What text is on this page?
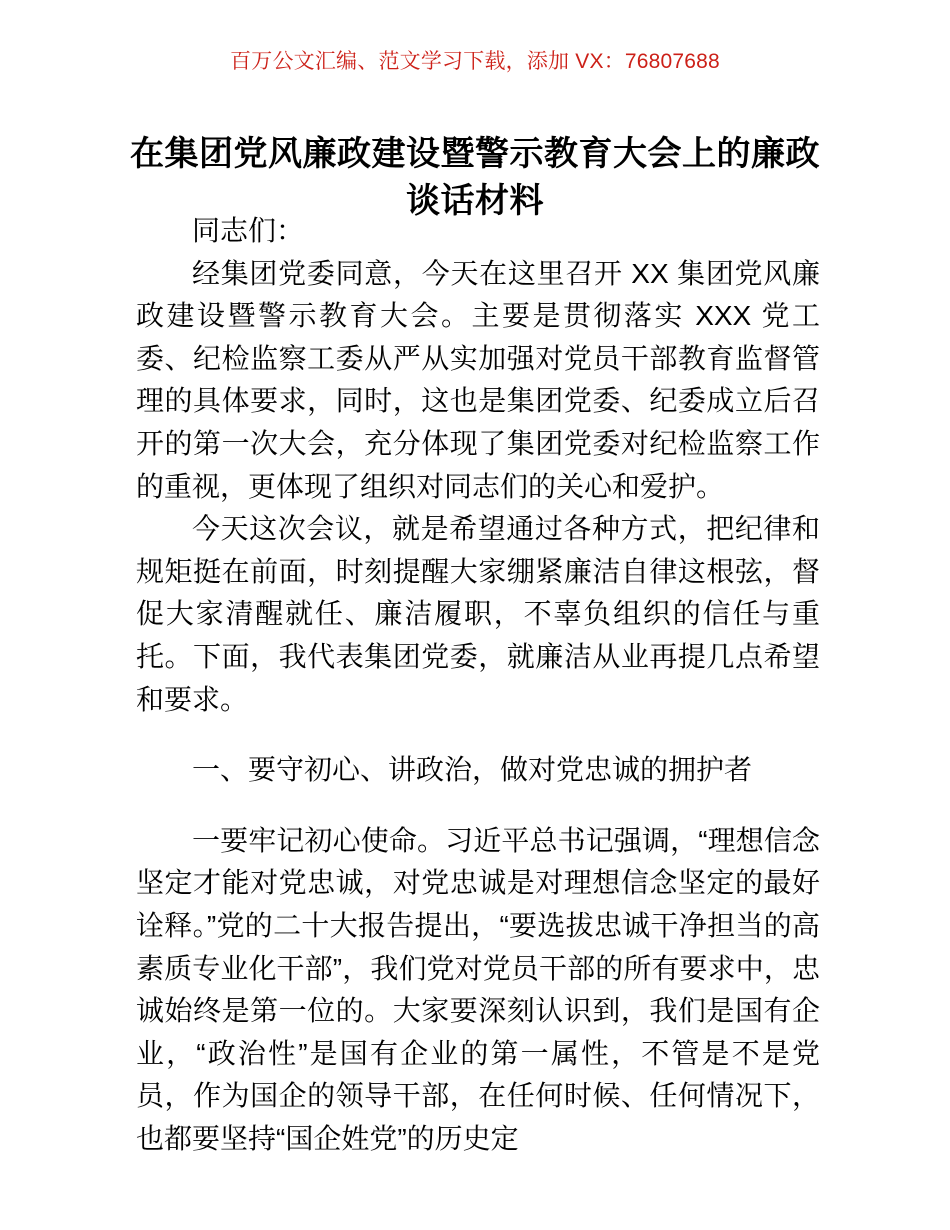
百万公文汇编、范文学习下载，添加 VX：76807688
在集团党风廉政建设暨警示教育大会上的廉政谈话材料

同志们：

经集团党委同意，今天在这里召开 XX 集团党风廉政建设暨警示教育大会。主要是贯彻落实 XXX 党工委、纪检监察工委从严从实加强对党员干部教育监督管理的具体要求，同时，这也是集团党委、纪委成立后召开的第一次大会，充分体现了集团党委对纪检监察工作的重视，更体现了组织对同志们的关心和爱护。

今天这次会议，就是希望通过各种方式，把纪律和规矩挺在前面，时刻提醒大家绷紧廉洁自律这根弦，督促大家清醒就任、廉洁履职，不辜负组织的信任与重托。下面，我代表集团党委，就廉洁从业再提几点希望和要求。

一、要守初心、讲政治，做对党忠诚的拥护者

一要牢记初心使命。习近平总书记强调，“理想信念坚定才能对党忠诚，对党忠诚是对理想信念坚定的最好诠释。”党的二十大报告提出，“要选拔忠诚干净担当的高素质专业化干部”，我们党对党员干部的所有要求中，忠诚始终是第一位的。大家要深刻认识到，我们是国有企业，“政治性”是国有企业的第一属性，不管是不是党员，作为国企的领导干部，在任何时候、任何情况下，也都要坚持“国企姓党”的历史定
